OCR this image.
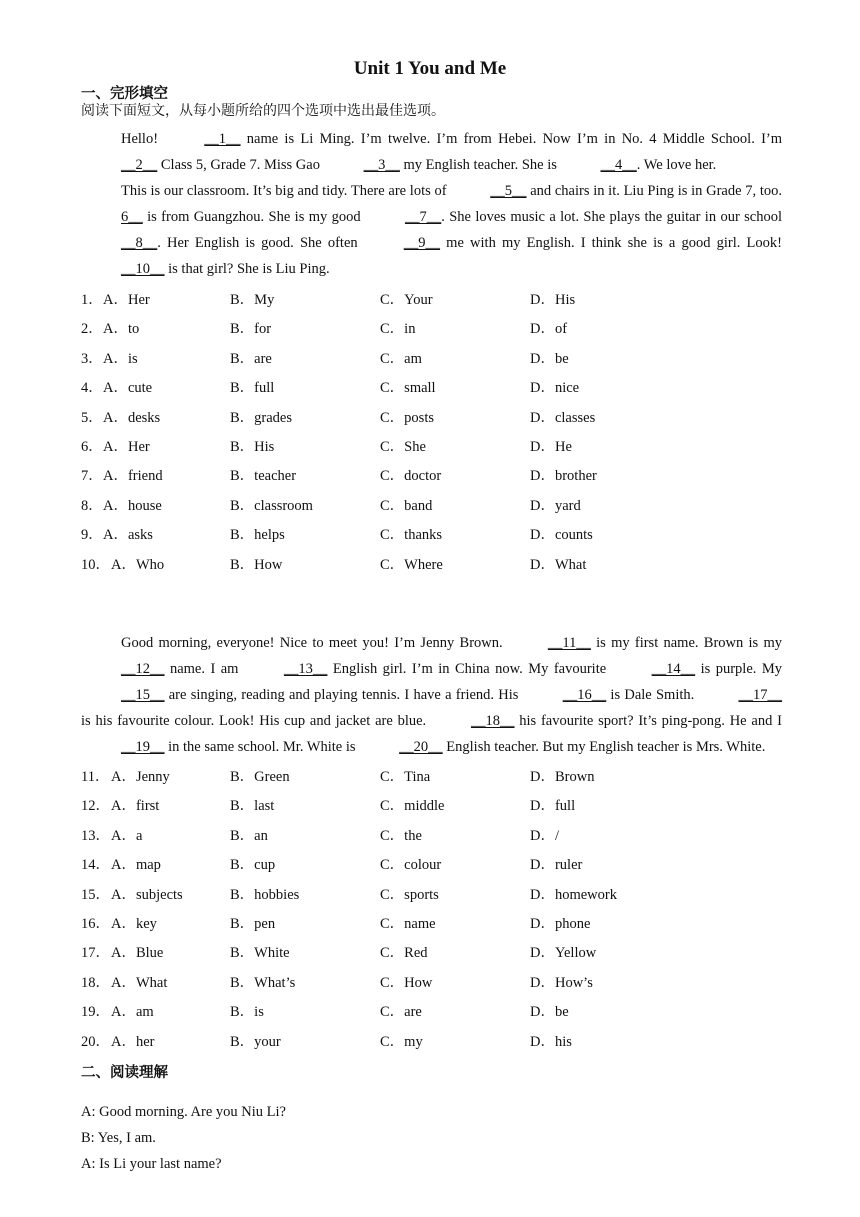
Unit 1 You and Me
一、完形填空
阅读下面短文，从每小题所给的四个选项中选出最佳选项。

Hello!	__1__ name is Li Ming. I’m twelve. I’m from Hebei. Now I’m in No. 4 Middle School. I’m __2__ Class 5, Grade 7. Miss Gao	__3__ my English teacher. She is	__4__. We love her.

This is our classroom. It’s big and tidy. There are lots of	__5__ and chairs in it. Liu Ping is in Grade 7, too. 6__ is from Guangzhou. She is my good	__7__. She loves music a lot. She plays the guitar in our school __8__. Her English is good. She often	__9__ me with my English. I think she is a good girl. Look! __10__ is that girl? She is Liu Ping.

1． A．Her	B．My	C．Your	D．His
2． A．to	B．for	C．in	D．of
3． A．is	B．are	C．am	D．be
4． A．cute	B．full	C．small	D．nice
5． A．desks	B．grades	C．posts	D．classes
6． A．Her	B．His	C．She	D．He
7． A．friend	B．teacher	C．doctor	D．brother
8． A．house	B．classroom	C．band	D．yard
9． A．asks	B．helps	C．thanks	D．counts
10． A．Who	B．How	C．Where	D．What

Good morning, everyone! Nice to meet you! I’m Jenny Brown.	__11__ is my first name. Brown is my __12__ name. I am	__13__ English girl. I’m in China now. My favourite	__14__ is purple. My __15__ are singing, reading and playing tennis. I have a friend. His	__16__ is Dale Smith.	__17__ is his favourite colour. Look! His cup and jacket are blue.	__18__ his favourite sport? It’s ping-pong. He and I __19__ in the same school. Mr. White is	__20__ English teacher. But my English teacher is Mrs. White.

11． A．Jenny	B．Green	C．Tina	D．Brown
12． A．first	B．last	C．middle	D．full
13． A．a	B．an	C．the	D．/
14． A．map	B．cup	C．colour	D．ruler
15． A．subjects	B．hobbies	C．sports	D．homework
16． A．key	B．pen	C．name	D．phone
17． A．Blue	B．White	C．Red	D．Yellow
18． A．What	B．What’s	C．How	D．How’s
19． A．am	B．is	C．are	D．be
20． A．her	B．your	C．my	D．his
二、阅读理解
A: Good morning. Are you Niu Li?
B: Yes, I am.
A: Is Li your last name?
